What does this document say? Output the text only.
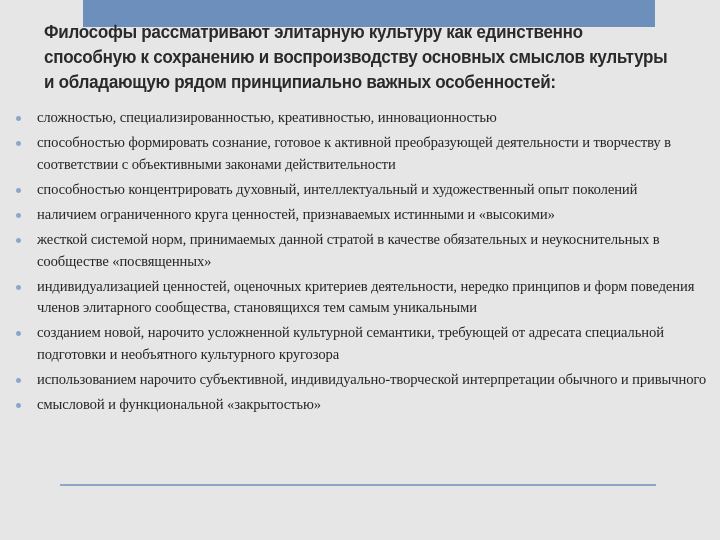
Философы рассматривают элитарную культуру как единственно
способную к сохранению и воспроизводству основных смыслов культуры
и обладающую рядом принципиально важных особенностей:
сложностью, специализированностью, креативностью, инновационностью
способностью формировать сознание, готовое к активной преобразующей деятельности и творчеству в соответствии с объективными законами действительности
способностью концентрировать духовный, интеллектуальный и художественный опыт поколений
наличием ограниченного круга ценностей, признаваемых истинными и «высокими»
жесткой системой норм, принимаемых данной стратой в качестве обязательных и неукоснительных в сообществе «посвященных»
индивидуализацией ценностей, оценочных критериев деятельности, нередко принципов и форм поведения членов элитарного сообщества, становящихся тем самым уникальными
созданием новой, нарочито усложненной культурной семантики, требующей от адресата специальной подготовки и необъятного культурного кругозора
использованием нарочито субъективной, индивидуально-творческой интерпретации обычного и привычного
смысловой и функциональной «закрытостью»
